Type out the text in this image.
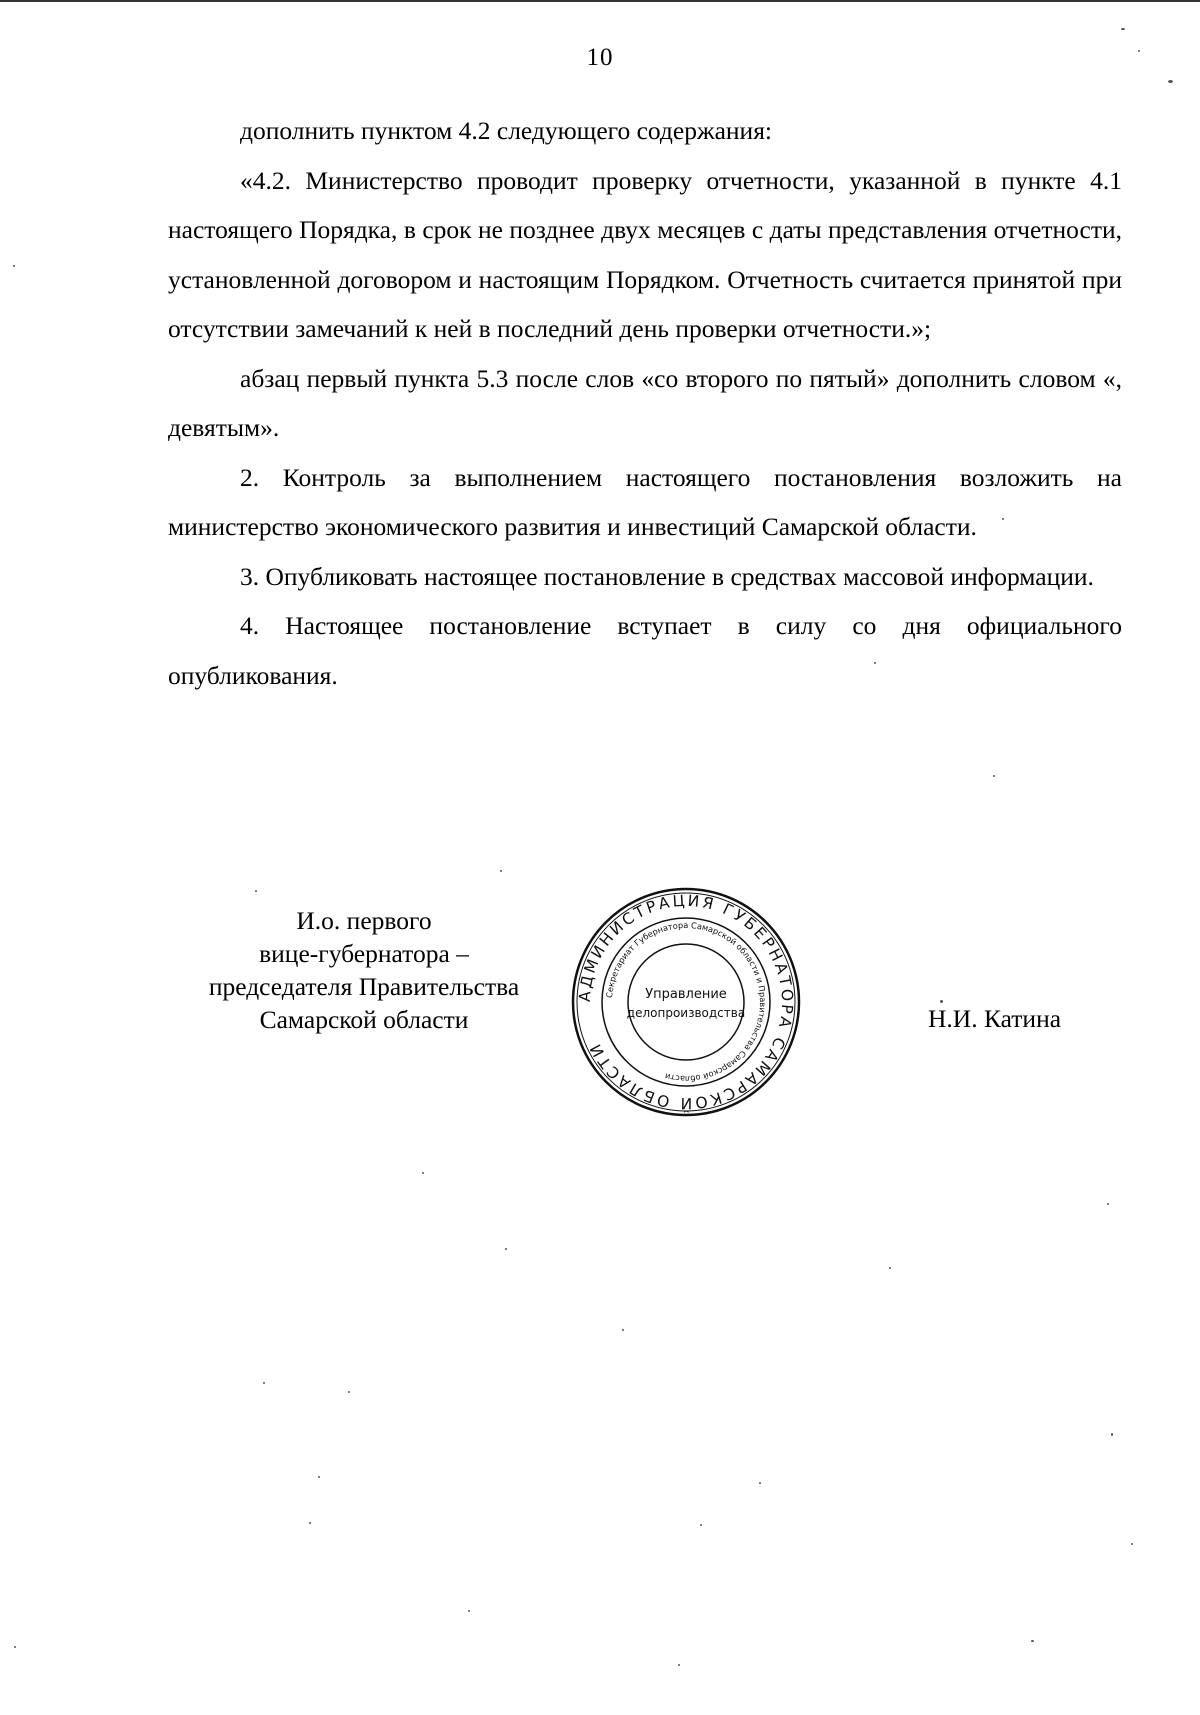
10

дополнить пунктом 4.2 следующего содержания:

«4.2. Министерство проводит проверку отчетности, указанной в пункте 4.1 настоящего Порядка, в срок не позднее двух месяцев с даты представления отчетности, установленной договором и настоящим Порядком. Отчетность считается принятой при отсутствии замечаний к ней в последний день проверки отчетности.»;

абзац первый пункта 5.3 после слов «со второго по пятый» дополнить словом «, девятым».

2. Контроль за выполнением настоящего постановления возложить на министерство экономического развития и инвестиций Самарской области.

3. Опубликовать настоящее постановление в средствах массовой информации.

4. Настоящее постановление вступает в силу со дня официального опубликования.

И.о. первого
вице-губернатора –
председателя Правительства
Самарской области
АДМИНИСТРАЦИЯ ГУБЕРНАТОРА САМАРСКОЙ ОБЛАСТИ
Секретариат Губернатора Самарской области и Правительства Самарской области
Управление
делопроизводства	Н.И. Катина
